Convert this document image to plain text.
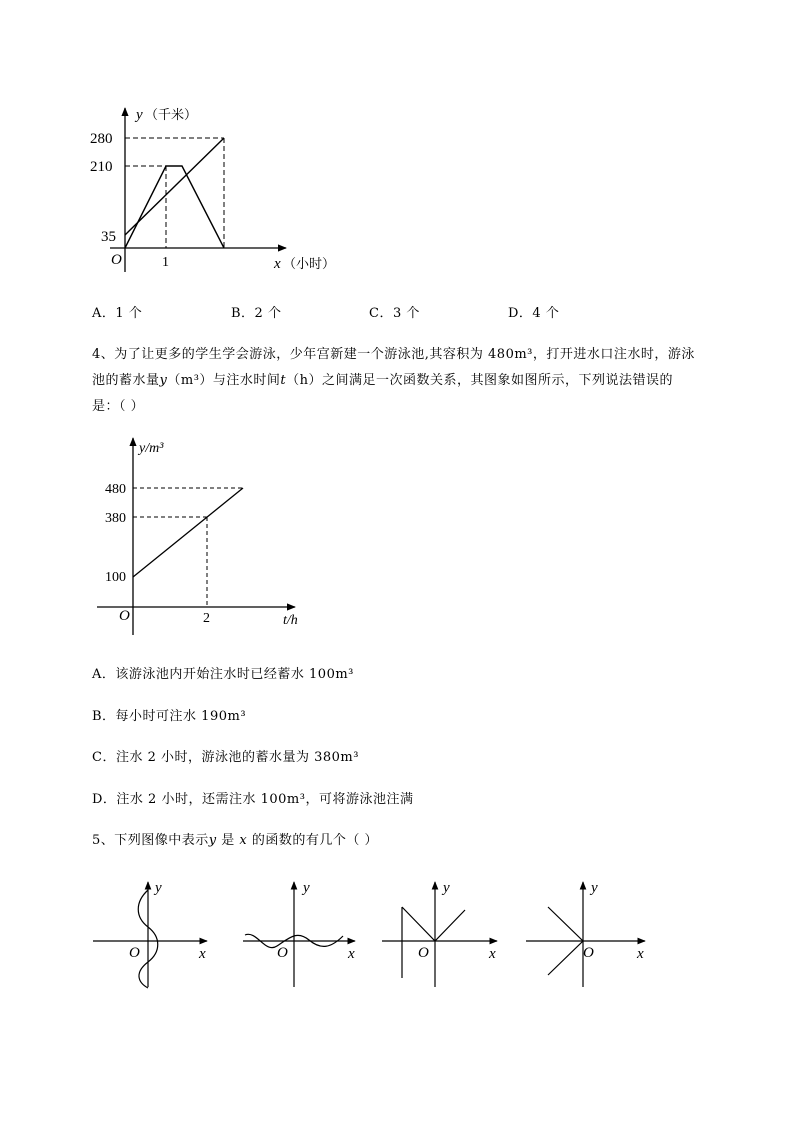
y （千米）
280
210
35
O	1	x （小时）
A．1 个	B．2 个	C．3 个	D．4 个
4、为了让更多的学生学会游泳，少年宫新建一个游泳池,其容积为 480m³，打开进水口注水时，游泳
池的蓄水量y（m³）与注水时间t（h）之间满足一次函数关系，其图象如图所示，下列说法错误的
是：（ ）
y/m³
480
380
100
O	2	t/h
A．该游泳池内开始注水时已经蓄水 100m³
B．每小时可注水 190m³
C．注水 2 小时，游泳池的蓄水量为 380m³
D．注水 2 小时，还需注水 100m³，可将游泳池注满
5、下列图像中表示y 是 x 的函数的有几个（ ）
y
O	x
y
O	x
y
O	x
y
O	x
